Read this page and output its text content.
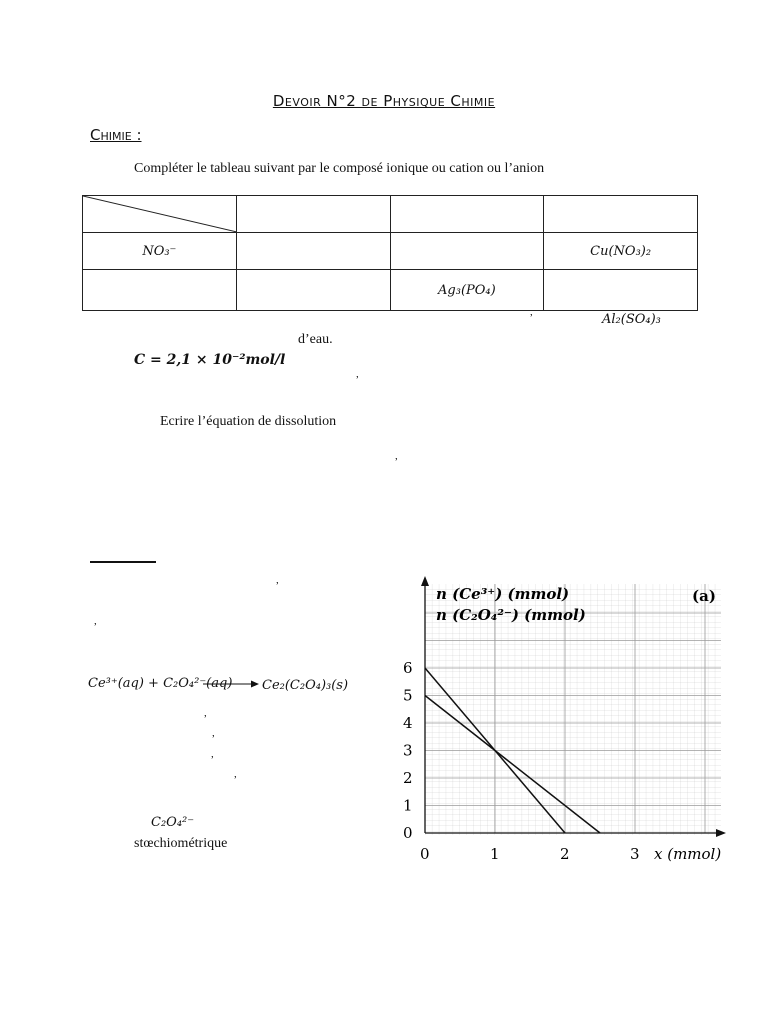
Devoir N°2 de Physique Chimie
Chimie :
Compléter le tableau suivant par le composé ionique ou cation ou l’anion

NO₃⁻			Cu(NO₃)₂
		Ag₃(PO₄)	
,	Al₂(SO₄)₃
d’eau.
C = 2,1 × 10⁻²mol/l
,
Ecrire l’équation de dissolution
,
,
,
Ce³⁺(aq) + C₂O₄²⁻(aq) → Ce₂(C₂O₄)₃(s)
,
,
,
,
C₂O₄²⁻
stœchiométrique
0
1
2
3
4
5
6
0	1	2	3
n (Ce³⁺) (mmol)
n (C₂O₄²⁻) (mmol)
(a)
x (mmol)
